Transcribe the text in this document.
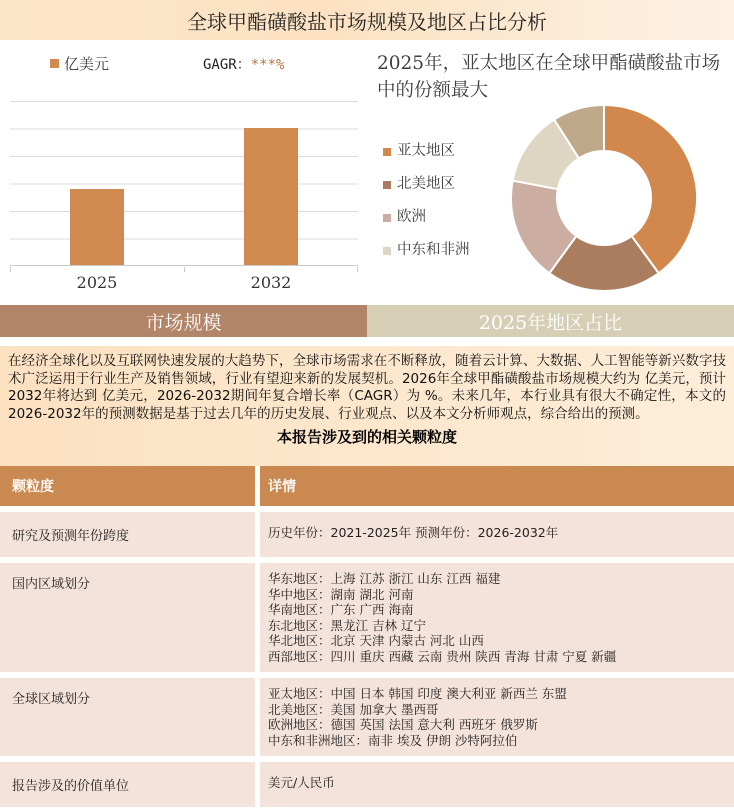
全球甲酯磺酸盐市场规模及地区占比分析
亿美元	GAGR：***%
2025	2032
2025年，亚太地区在全球甲酯磺酸盐市场中的份额最大
亚太地区
北美地区
欧洲
中东和非洲
市场规模	2025年地区占比

在经济全球化以及互联网快速发展的大趋势下，全球市场需求在不断释放，随着云计算、大数据、人工智能等新兴数字技术广泛运用于行业生产及销售领域，行业有望迎来新的发展契机。2026年全球甲酯磺酸盐市场规模大约为 亿美元，预计2032年将达到 亿美元，2026-2032期间年复合增长率（CAGR）为 %。未来几年，本行业具有很大不确定性，本文的2026-2032年的预测数据是基于过去几年的历史发展、行业观点、以及本文分析师观点，综合给出的预测。

本报告涉及到的相关颗粒度
颗粒度	详情
研究及预测年份跨度	历史年份：2021-2025年 预测年份：2026-2032年
国内区域划分	华东地区：上海 江苏 浙江 山东 江西 福建
华中地区：湖南 湖北 河南
华南地区：广东 广西 海南
东北地区：黑龙江 吉林 辽宁
华北地区：北京 天津 内蒙古 河北 山西
西部地区：四川 重庆 西藏 云南 贵州 陕西 青海 甘肃 宁夏 新疆
全球区域划分	亚太地区：中国 日本 韩国 印度 澳大利亚 新西兰 东盟
北美地区：美国 加拿大 墨西哥
欧洲地区：德国 英国 法国 意大利 西班牙 俄罗斯
中东和非洲地区：南非 埃及 伊朗 沙特阿拉伯
报告涉及的价值单位	美元/人民币
